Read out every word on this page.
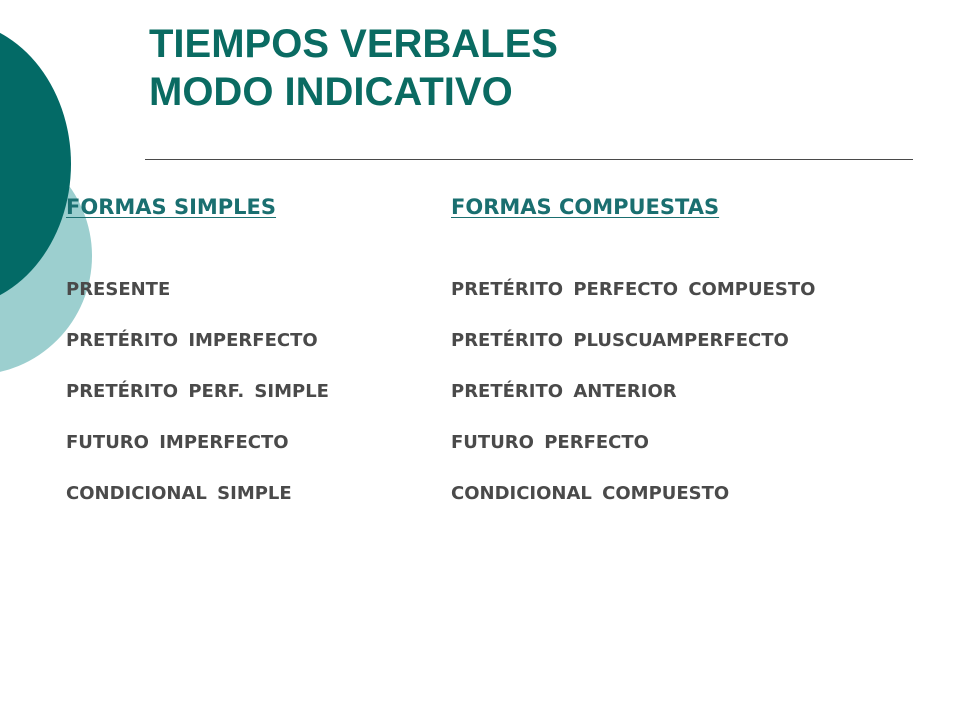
TIEMPOS VERBALES
MODO INDICATIVO
FORMAS SIMPLES
PRESENTE
PRETÉRITO IMPERFECTO
PRETÉRITO PERF. SIMPLE
FUTURO IMPERFECTO
CONDICIONAL SIMPLE
FORMAS COMPUESTAS
PRETÉRITO PERFECTO COMPUESTO
PRETÉRITO PLUSCUAMPERFECTO
PRETÉRITO ANTERIOR
FUTURO PERFECTO
CONDICIONAL COMPUESTO
